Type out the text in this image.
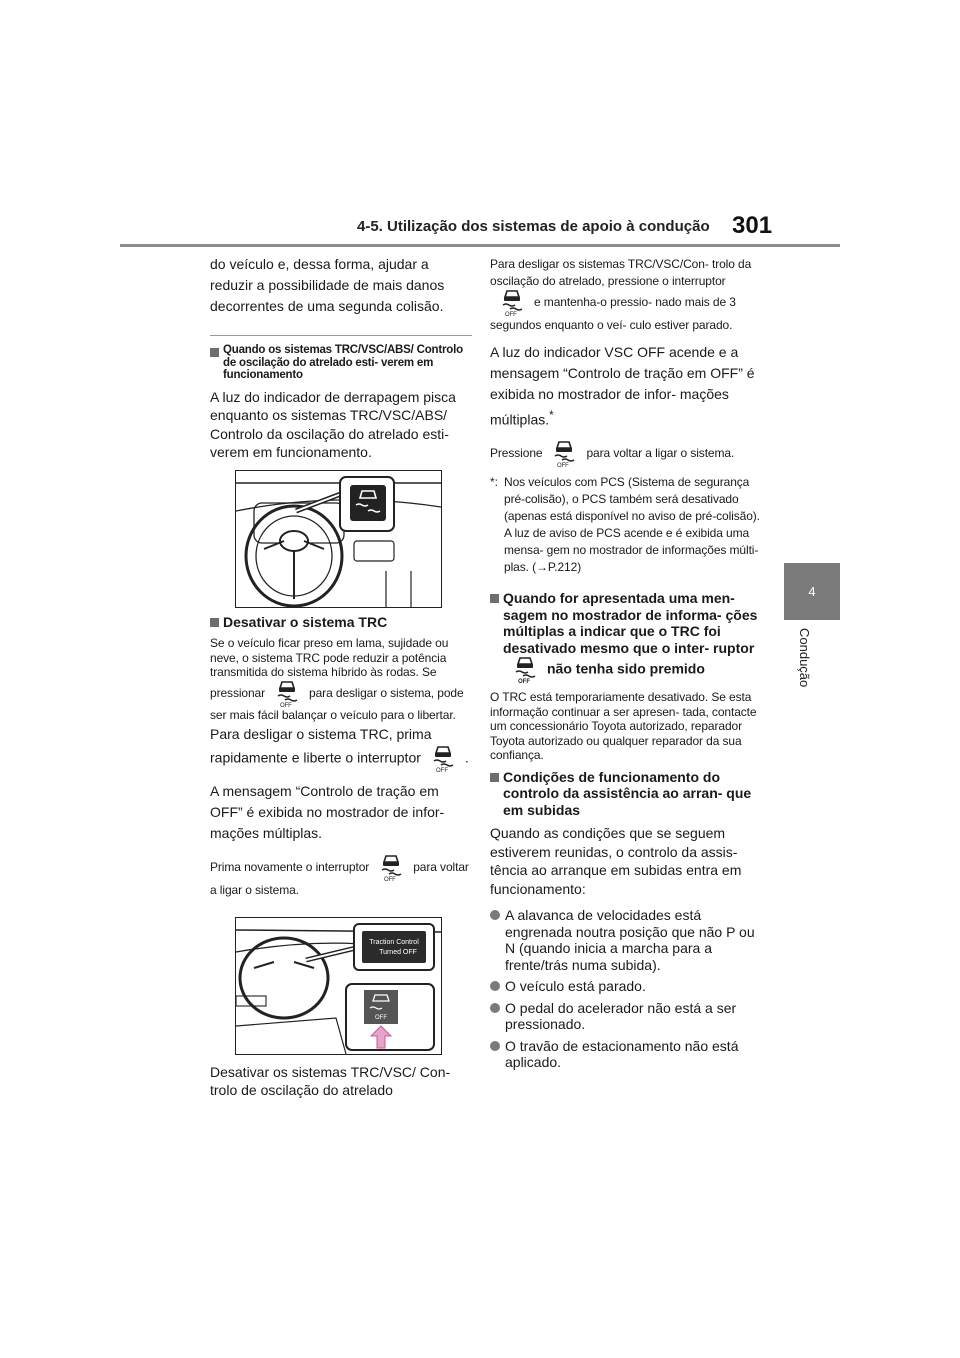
4-5. Utilização dos sistemas de apoio à condução 301
4
Condução

do veículo e, dessa forma, ajudar a reduzir a possibilidade de mais danos decorrentes de uma segunda colisão.

Quando os sistemas TRC/VSC/ABS/ Controlo de oscilação do atrelado esti- verem em funcionamento

A luz do indicador de derrapagem pisca enquanto os sistemas TRC/VSC/ABS/ Controlo da oscilação do atrelado esti- verem em funcionamento.

Desativar o sistema TRC

Se o veículo ficar preso em lama, sujidade ou neve, o sistema TRC pode reduzir a potência transmitida do sistema híbrido às rodas. Se pressionar
OFF
para desligar o sistema, pode ser mais fácil balançar o veículo para o libertar.

Para desligar o sistema TRC, prima rapidamente e liberte o interruptor
OFF
.

A mensagem “Controlo de tração em OFF” é exibida no mostrador de infor- mações múltiplas.

Prima novamente o interruptor
OFF
para voltar a ligar o sistema.

Traction Control
Turned OFF
OFF

Desativar os sistemas TRC/VSC/ Con- trolo de oscilação do atrelado

Para desligar os sistemas TRC/VSC/Con- trolo da oscilação do atrelado, pressione o interruptor
OFF
e mantenha-o pressio- nado mais de 3 segundos enquanto o veí- culo estiver parado.

A luz do indicador VSC OFF acende e a mensagem “Controlo de tração em OFF” é exibida no mostrador de infor- mações múltiplas.*

Pressione
OFF
para voltar a ligar o sistema.

*: Nos veículos com PCS (Sistema de segurança pré-colisão), o PCS também será desativado (apenas está disponível no aviso de pré-colisão). A luz de aviso de PCS acende e é exibida uma mensa- gem no mostrador de informações múlti- plas. (→P.212)
Quando for apresentada uma men- sagem no mostrador de informa- ções múltiplas a indicar que o TRC foi desativado mesmo que o inter- ruptor
OFF
não tenha sido premido

O TRC está temporariamente desativado. Se esta informação continuar a ser apresen- tada, contacte um concessionário Toyota autorizado, reparador Toyota autorizado ou qualquer reparador da sua confiança.

Condições de funcionamento do controlo da assistência ao arran- que em subidas

Quando as condições que se seguem estiverem reunidas, o controlo da assis- tência ao arranque em subidas entra em funcionamento:

A alavanca de velocidades está engrenada noutra posição que não P ou N (quando inicia a marcha para a frente/trás numa subida).
O veículo está parado.
O pedal do acelerador não está a ser pressionado.
O travão de estacionamento não está aplicado.
